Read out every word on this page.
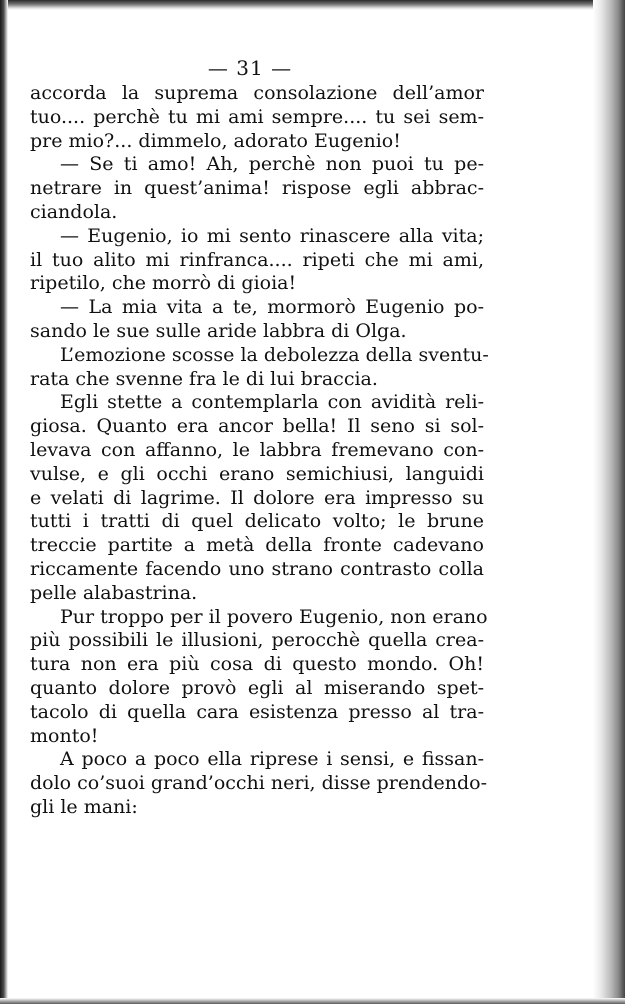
— 31 —
accorda la suprema consolazione dell’amor
tuo.... perchè tu mi ami sempre.... tu sei sem-
pre mio?... dimmelo, adorato Eugenio!
— Se ti amo! Ah, perchè non puoi tu pe-
netrare in quest’anima! rispose egli abbrac-
ciandola.
— Eugenio, io mi sento rinascere alla vita;
il tuo alito mi rinfranca.... ripeti che mi ami,
ripetilo, che morrò di gioia!
— La mia vita a te, mormorò Eugenio po-
sando le sue sulle aride labbra di Olga.
L’emozione scosse la debolezza della sventu-
rata che svenne fra le di lui braccia.
Egli stette a contemplarla con avidità reli-
giosa. Quanto era ancor bella! Il seno si sol-
levava con affanno, le labbra fremevano con-
vulse, e gli occhi erano semichiusi, languidi
e velati di lagrime. Il dolore era impresso su
tutti i tratti di quel delicato volto; le brune
treccie partite a metà della fronte cadevano
riccamente facendo uno strano contrasto colla
pelle alabastrina.
Pur troppo per il povero Eugenio, non erano
più possibili le illusioni, perocchè quella crea-
tura non era più cosa di questo mondo. Oh!
quanto dolore provò egli al miserando spet-
tacolo di quella cara esistenza presso al tra-
monto!
A poco a poco ella riprese i sensi, e fissan-
dolo co’suoi grand’occhi neri, disse prendendo-
gli le mani:
